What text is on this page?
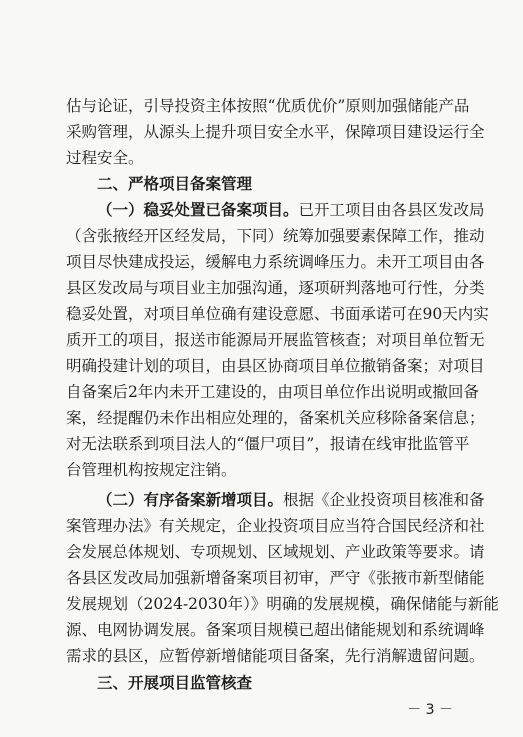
估与论证，引导投资主体按照“优质优价”原则加强储能产品
采购管理，从源头上提升项目安全水平，保障项目建设运行全
过程安全。
二、严格项目备案管理
（一）稳妥处置已备案项目。已开工项目由各县区发改局
（含张掖经开区经发局，下同）统筹加强要素保障工作，推动
项目尽快建成投运，缓解电力系统调峰压力。未开工项目由各
县区发改局与项目业主加强沟通，逐项研判落地可行性，分类
稳妥处置，对项目单位确有建设意愿、书面承诺可在90天内实
质开工的项目，报送市能源局开展监管核查；对项目单位暂无
明确投建计划的项目，由县区协商项目单位撤销备案；对项目
自备案后2年内未开工建设的，由项目单位作出说明或撤回备
案，经提醒仍未作出相应处理的，备案机关应移除备案信息；
对无法联系到项目法人的“僵尸项目”，报请在线审批监管平
台管理机构按规定注销。
（二）有序备案新增项目。根据《企业投资项目核准和备
案管理办法》有关规定，企业投资项目应当符合国民经济和社
会发展总体规划、专项规划、区域规划、产业政策等要求。请
各县区发改局加强新增备案项目初审，严守《张掖市新型储能
发展规划（2024-2030年）》明确的发展规模，确保储能与新能
源、电网协调发展。备案项目规模已超出储能规划和系统调峰
需求的县区，应暂停新增储能项目备案，先行消解遗留问题。
三、开展项目监管核查
－ 3 －
